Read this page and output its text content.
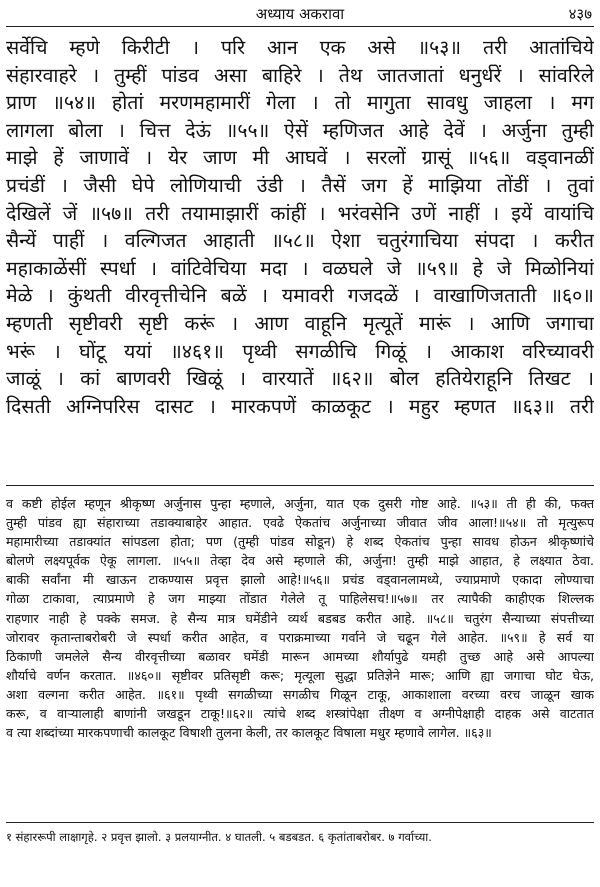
अध्याय अकरावा	४३७
सर्वेचि म्हणे किरीटी । परि आन एक असे ॥५३॥ तरी आतांचिये
संहारवाहरे । तुम्हीं पांडव असा बाहिरे । तेथ जातजातां धनुर्धरें । सांवरिले
प्राण ॥५४॥ होतां मरणमहामारीं गेला । तो मागुता सावधु जाहला । मग
लागला बोला । चित्त देऊं ॥५५॥ ऐसें म्हणिजत आहे देवें । अर्जुना तुम्ही
माझे हें जाणावें । येर जाण मी आघवें । सरलों ग्रासूं ॥५६॥ वड्वानळीं
प्रचंडीं । जैसी घेपे लोणियाची उंडी । तैसें जग हें माझिया तोंडीं । तुवां
देखिलें जें ॥५७॥ तरी तयामाझारीं कांहीं । भरंवसेनि उणें नाहीं । इयें वायांचि
सैन्यें पाहीं । वल्गिजत आहाती ॥५८॥ ऐशा चतुरंगाचिया संपदा । करीत
महाकाळेंसीं स्पर्धा । वांटिवेचिया मदा । वळघले जे ॥५९॥ हे जे मिळोनियां
मेळे । कुंथती वीरवृत्तीचेनि बळें । यमावरी गजदळें । वाखाणिजताती ॥६०॥
म्हणती सृष्टीवरी सृष्टी करूं । आण वाहूनि मृत्यूतें मारूं । आणि जगाचा
भरूं । घोंटू ययां ॥४६१॥ पृथ्वी सगळीचि गिळूं । आकाश वरिच्यावरी
जाळूं । कां बाणवरी खिळूं । वारयातें ॥६२॥ बोल हतियेराहूनि तिखट ।
दिसती अग्निपरिस दासट । मारकपणें काळकूट । महुर म्हणत ॥६३॥ तरी
व कष्टी होईल म्हणून श्रीकृष्ण अर्जुनास पुन्हा म्हणाले, अर्जुना, यात एक दुसरी गोष्ट आहे. ॥५३॥ ती ही की, फक्त
तुम्ही पांडव ह्या संहाराच्या तडाक्याबाहेर आहात. एवढे ऐकतांच अर्जुनाच्या जीवात जीव आला!॥५४॥ तो मृत्युरूप
महामारीच्या तडाक्यांत सांपडला होता; पण (तुम्ही पांडव सोडून) हे शब्द ऐकतांच पुन्हा सावध होऊन श्रीकृष्णांचे
बोलणे लक्ष्यपूर्वक ऐकू लागला. ॥५५॥ तेव्हा देव असे म्हणाले की, अर्जुना! तुम्ही माझे आहात, हे लक्ष्यात ठेवा.
बाकी सर्वांना मी खाऊन टाकण्यास प्रवृत्त झालो आहे!॥५६॥ प्रचंड वड्वानलामध्ये, ज्याप्रमाणे एकादा लोण्याचा
गोळा टाकावा, त्याप्रमाणे हे जग माझ्या तोंडात गेलेले तू पाहिलेसच!॥५७॥ तर त्यापैकी काहीएक शिल्लक
राहणार नाही हे पक्के समज. हे सैन्य मात्र घमेंडीने व्यर्थ बडबड करीत आहे. ॥५८॥ चतुरंग सैन्याच्या संपत्तीच्या
जोरावर कृतान्ताबरोबरी जे स्पर्धा करीत आहेत, व पराक्रमाच्या गर्वाने जे चढून गेले आहेत. ॥५९॥ हे सर्व या
ठिकाणी जमलेले सैन्य वीरवृत्तीच्या बळावर घमेंडी मारून आमच्या शौर्यापुढे यमही तुच्छ आहे असे आपल्या
शौर्याचे वर्णन करतात. ॥४६०॥ सृष्टीवर प्रतिसृष्टी करू; मृत्यूला सुद्धा प्रतिज्ञेने मारू; आणि ह्या जगाचा घोट घेऊ,
अशा वल्गना करीत आहेत. ॥६१॥ पृथ्वी सगळीच्या सगळीच गिळून टाकू, आकाशाला वरच्या वरच जाळून खाक
करू, व वाऱ्यालाही बाणांनी जखडून टाकू!॥६२॥ त्यांचे शब्द शस्त्रांपेक्षा तीक्ष्ण व अग्नीपेक्षाही दाहक असे वाटतात
व त्या शब्दांच्या मारकपणाची कालकूट विषाशी तुलना केली, तर कालकूट विषाला मधुर म्हणावे लागेल. ॥६३॥
१ संहाररूपी लाक्षागृहे. २ प्रवृत्त झालो. ३ प्रलयाग्नीत. ४ घातली. ५ बडबडत. ६ कृतांताबरोबर. ७ गर्वाच्या.
